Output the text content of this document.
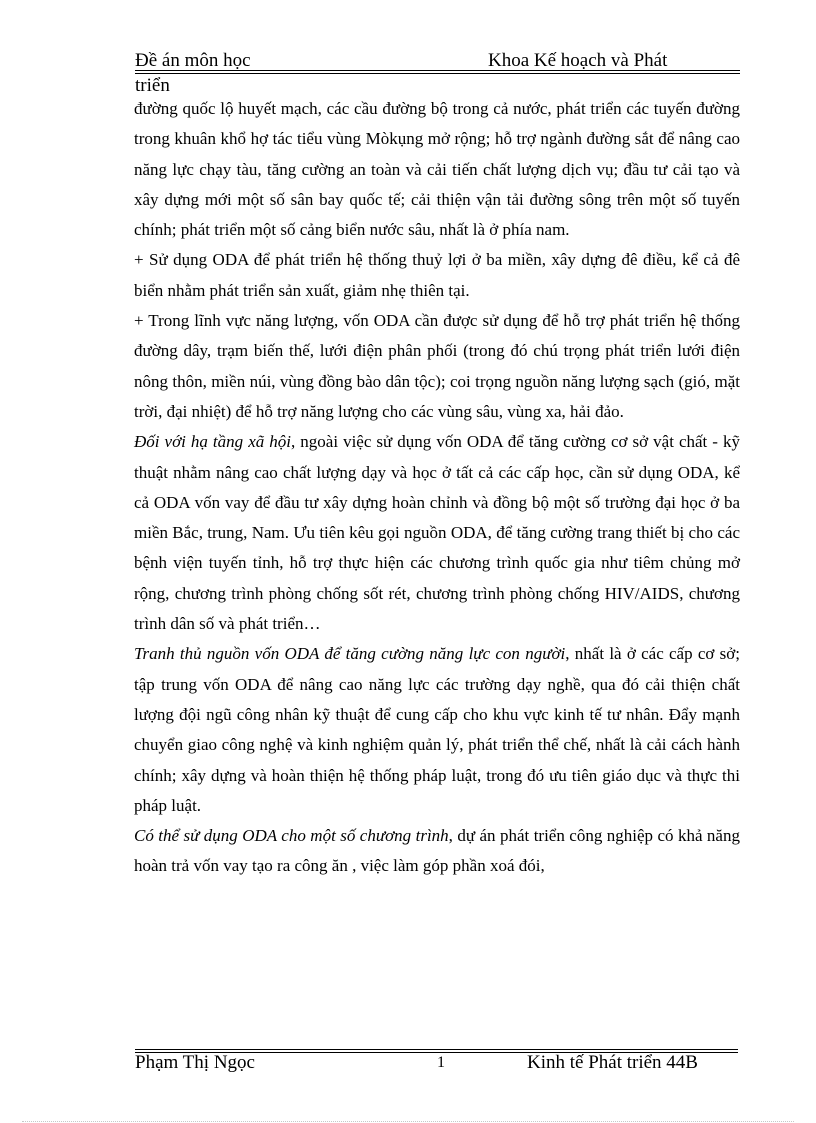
Đề án môn học	Khoa Kế hoạch và Phát
triển

đường quốc lộ huyết mạch, các cầu đường bộ trong cả nước, phát triển các tuyến đường trong khuân khổ hợ tác tiểu vùng Mòkụng mở rộng; hỗ trợ ngành đường sắt để nâng cao năng lực chạy tàu, tăng cường an toàn và cải tiến chất lượng dịch vụ; đầu tư cải tạo và xây dựng mới một số sân bay quốc tế; cải thiện vận tải đường sông trên một số tuyến chính; phát triển một số cảng biển nước sâu, nhất là ở phía nam.

+ Sử dụng ODA để phát triển hệ thống thuỷ lợi ở ba miền, xây dựng đê điều, kể cả đê biển nhằm phát triển sản xuất, giảm nhẹ thiên tại.

+ Trong lĩnh vực năng lượng, vốn ODA cần được sử dụng để hỗ trợ phát triển hệ thống đường dây, trạm biến thế, lưới điện phân phối (trong đó chú trọng phát triển lưới điện nông thôn, miền núi, vùng đồng bào dân tộc); coi trọng nguồn năng lượng sạch (gió, mặt trời, đại nhiệt) để hỗ trợ năng lượng cho các vùng sâu, vùng xa, hải đảo.

Đối với hạ tầng xã hội, ngoài việc sử dụng vốn ODA để tăng cường cơ sở vật chất - kỹ thuật nhằm nâng cao chất lượng dạy và học ở tất cả các cấp học, cần sử dụng ODA, kể cả ODA vốn vay để đầu tư xây dựng hoàn chỉnh và đồng bộ một số trường đại học ở ba miền Bắc, trung, Nam. Ưu tiên kêu gọi nguồn ODA, để tăng cường trang thiết bị cho các bệnh viện tuyến tỉnh, hỗ trợ thực hiện các chương trình quốc gia như tiêm chủng mở rộng, chương trình phòng chống sốt rét, chương trình phòng chống HIV/AIDS, chương trình dân số và phát triển…

Tranh thủ nguồn vốn ODA để tăng cường năng lực con người, nhất là ở các cấp cơ sở; tập trung vốn ODA để nâng cao năng lực các trường dạy nghề, qua đó cải thiện chất lượng đội ngũ công nhân kỹ thuật để cung cấp cho khu vực kinh tế tư nhân. Đẩy mạnh chuyển giao công nghệ và kinh nghiệm quản lý, phát triển thể chế, nhất là cải cách hành chính; xây dựng và hoàn thiện hệ thống pháp luật, trong đó ưu tiên giáo dục và thực thi pháp luật.

Có thể sử dụng ODA cho một số chương trình, dự án phát triển công nghiệp có khả năng hoàn trả vốn vay tạo ra công ăn , việc làm góp phần xoá đói,

Phạm Thị Ngọc	1	Kinh tế Phát triển 44B
